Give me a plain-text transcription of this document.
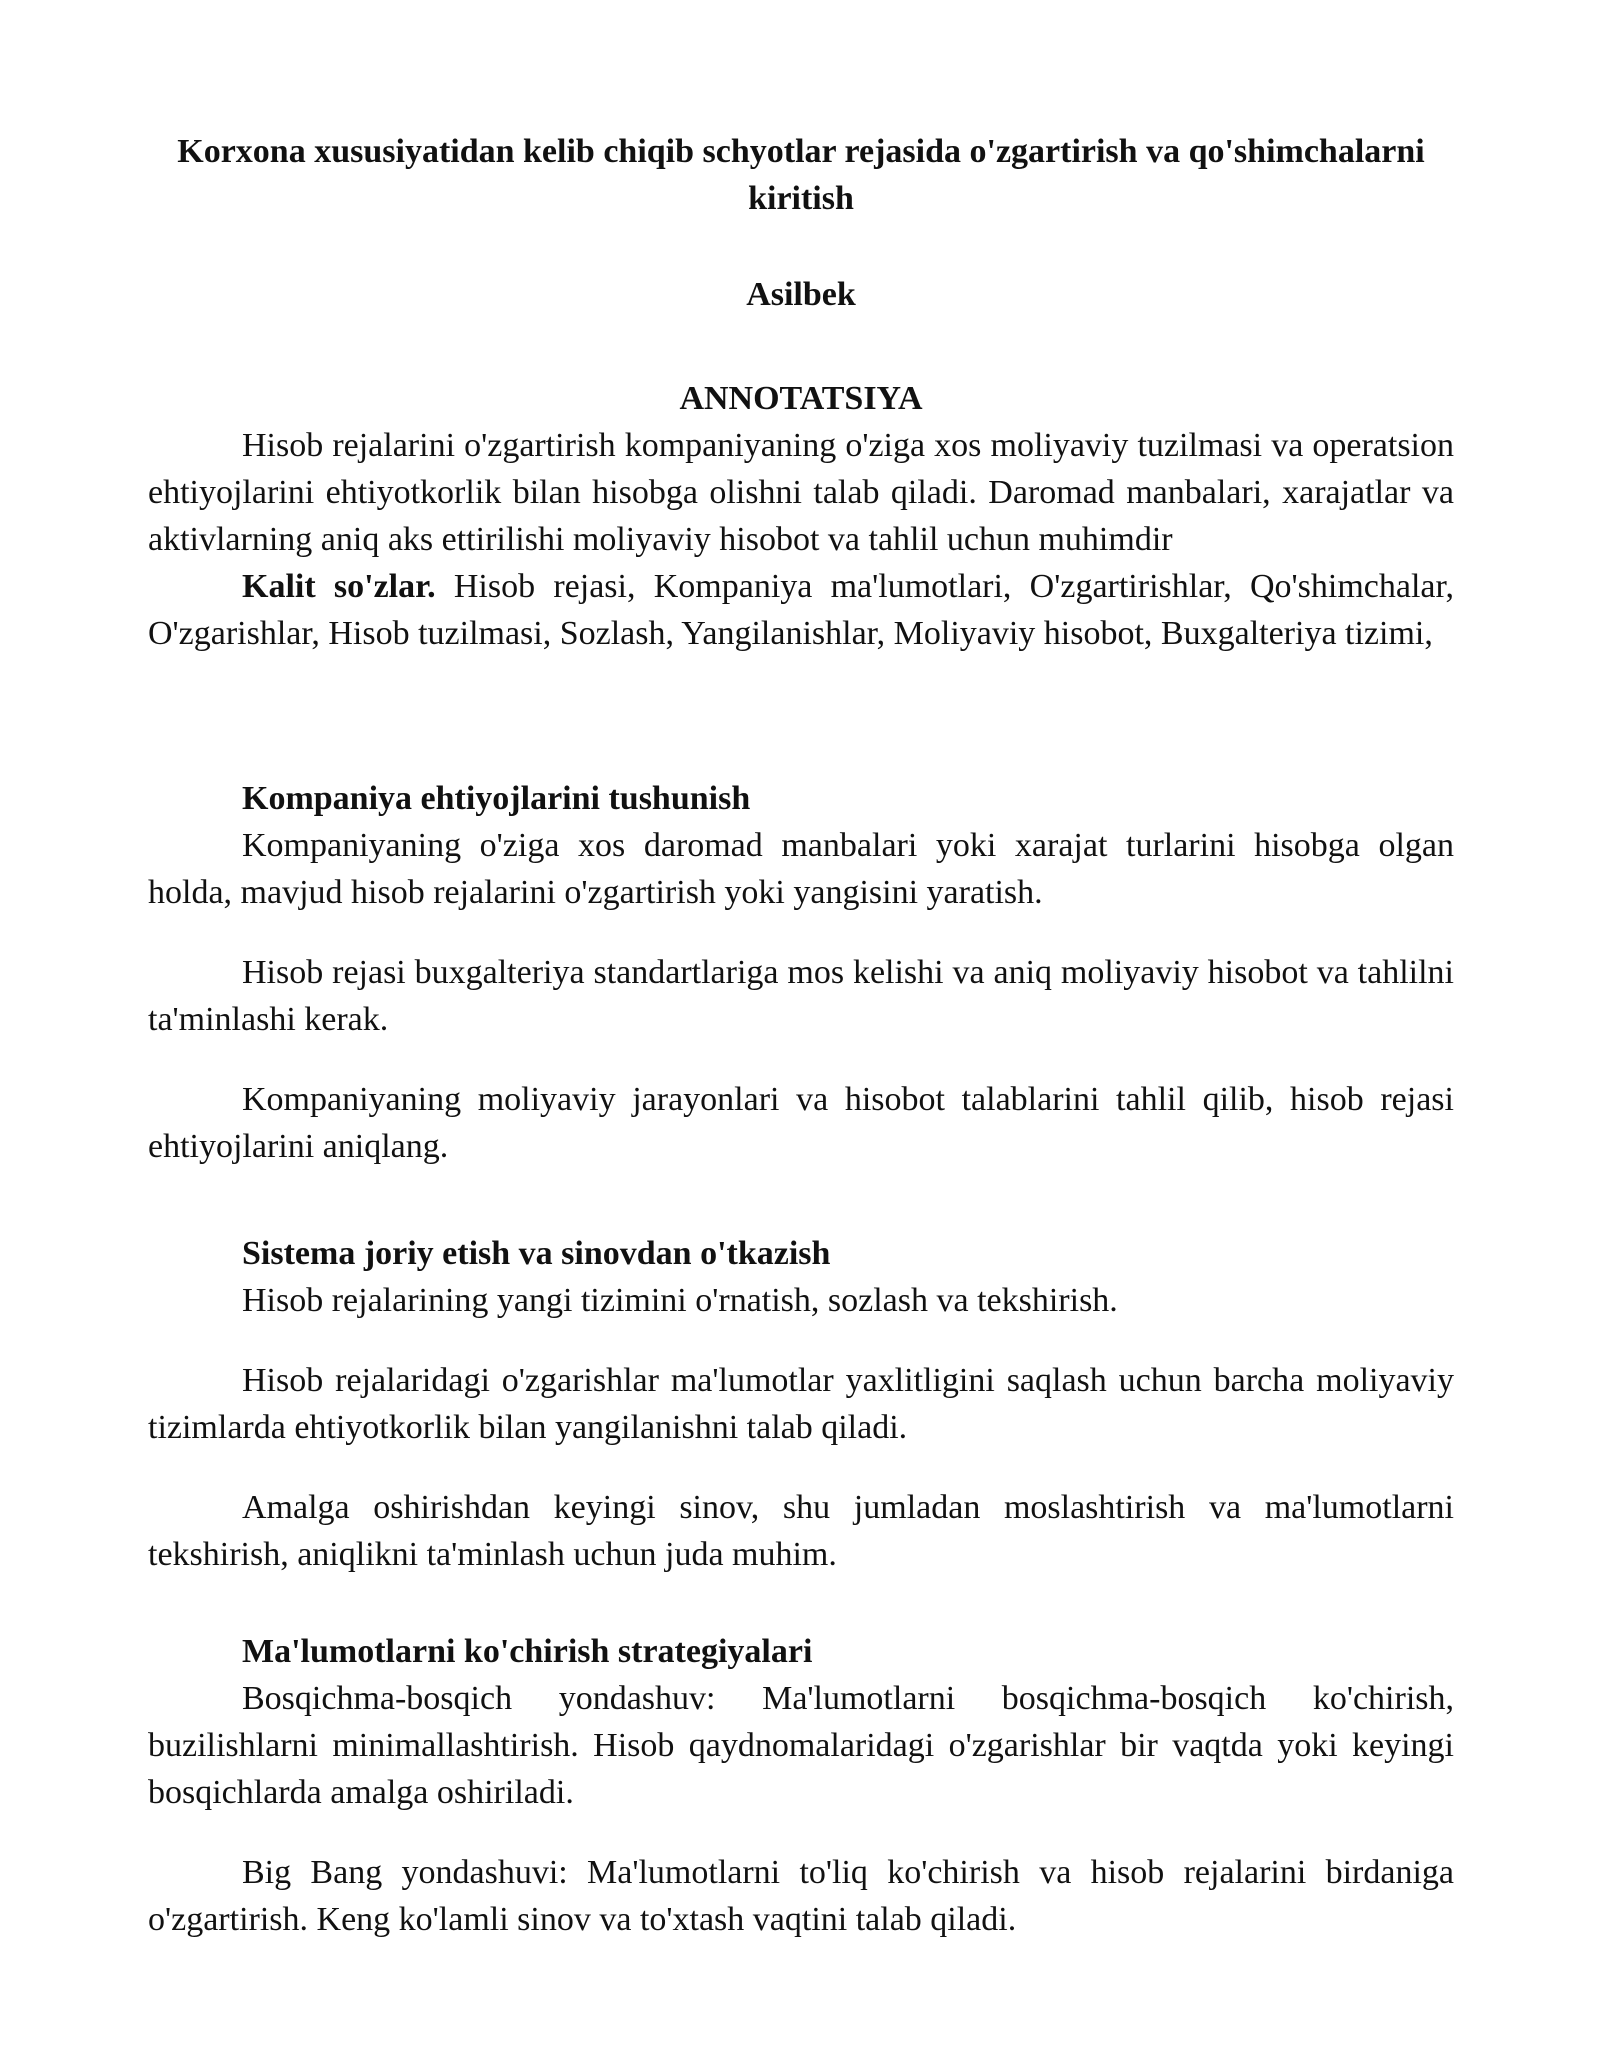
Korxona xususiyatidan kelib chiqib schyotlar rejasida o'zgartirish va qo'shimchalarni kiritish
Asilbek
ANNOTATSIYA

Hisob rejalarini o'zgartirish kompaniyaning o'ziga xos moliyaviy tuzilmasi va operatsion ehtiyojlarini ehtiyotkorlik bilan hisobga olishni talab qiladi. Daromad manbalari, xarajatlar va aktivlarning aniq aks ettirilishi moliyaviy hisobot va tahlil uchun muhimdir

Kalit so'zlar. Hisob rejasi, Kompaniya ma'lumotlari, O'zgartirishlar, Qo'shimchalar, O'zgarishlar, Hisob tuzilmasi, Sozlash, Yangilanishlar, Moliyaviy hisobot, Buxgalteriya tizimi,

Kompaniya ehtiyojlarini tushunish

Kompaniyaning o'ziga xos daromad manbalari yoki xarajat turlarini hisobga olgan holda, mavjud hisob rejalarini o'zgartirish yoki yangisini yaratish.

Hisob rejasi buxgalteriya standartlariga mos kelishi va aniq moliyaviy hisobot va tahlilni ta'minlashi kerak.

Kompaniyaning moliyaviy jarayonlari va hisobot talablarini tahlil qilib, hisob rejasi ehtiyojlarini aniqlang.

Sistema joriy etish va sinovdan o'tkazish

Hisob rejalarining yangi tizimini o'rnatish, sozlash va tekshirish.

Hisob rejalaridagi o'zgarishlar ma'lumotlar yaxlitligini saqlash uchun barcha moliyaviy tizimlarda ehtiyotkorlik bilan yangilanishni talab qiladi.

Amalga oshirishdan keyingi sinov, shu jumladan moslashtirish va ma'lumotlarni tekshirish, aniqlikni ta'minlash uchun juda muhim.

Ma'lumotlarni ko'chirish strategiyalari

Bosqichma-bosqich yondashuv: Ma'lumotlarni bosqichma-bosqich ko'chirish, buzilishlarni minimallashtirish. Hisob qaydnomalaridagi o'zgarishlar bir vaqtda yoki keyingi bosqichlarda amalga oshiriladi.

Big Bang yondashuvi: Ma'lumotlarni to'liq ko'chirish va hisob rejalarini birdaniga o'zgartirish. Keng ko'lamli sinov va to'xtash vaqtini talab qiladi.
